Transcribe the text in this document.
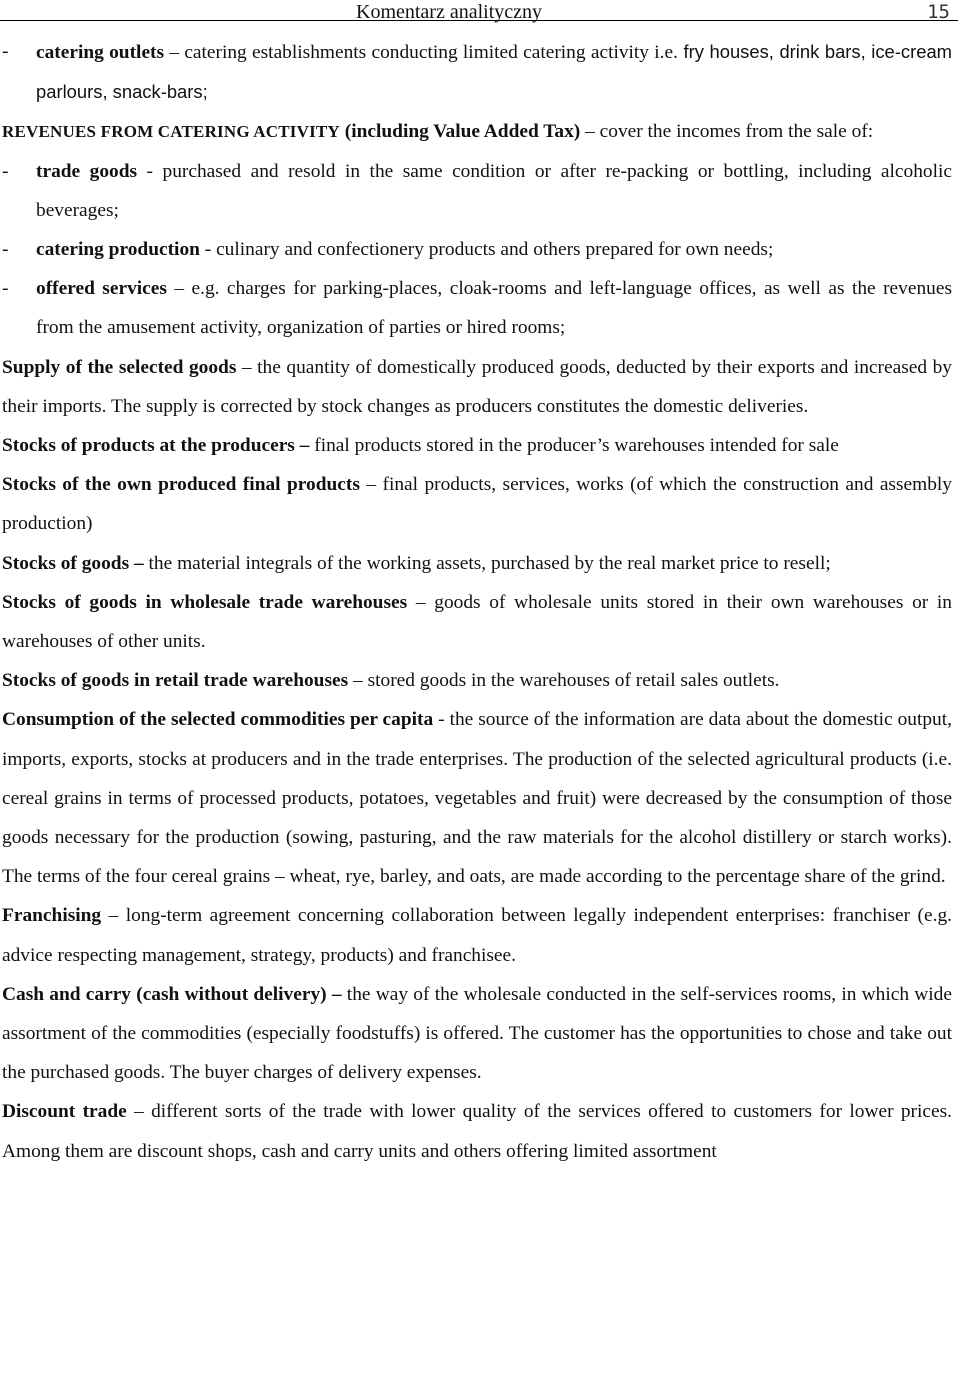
Komentarz analityczny	15

- catering outlets – catering establishments conducting limited catering activity i.e. fry houses, drink bars, ice-cream parlours, snack-bars;

REVENUES FROM CATERING ACTIVITY (including Value Added Tax) – cover the incomes from the sale of:

- trade goods - purchased and resold in the same condition or after re-packing or bottling, including alcoholic beverages;

- catering production - culinary and confectionery products and others prepared for own needs;

- offered services – e.g. charges for parking-places, cloak-rooms and left-language offices, as well as the revenues from the amusement activity, organization of parties or hired rooms;

Supply of the selected goods – the quantity of domestically produced goods, deducted by their exports and increased by their imports. The supply is corrected by stock changes as producers constitutes the domestic deliveries.

Stocks of products at the producers – final products stored in the producer’s warehouses intended for sale

Stocks of the own produced final products – final products, services, works (of which the construction and assembly production)

Stocks of goods – the material integrals of the working assets, purchased by the real market price to resell;

Stocks of goods in wholesale trade warehouses – goods of wholesale units stored in their own warehouses or in warehouses of other units.

Stocks of goods in retail trade warehouses – stored goods in the warehouses of retail sales outlets.

Consumption of the selected commodities per capita - the source of the information are data about the domestic output, imports, exports, stocks at producers and in the trade enterprises. The production of the selected agricultural products (i.e. cereal grains in terms of processed products, potatoes, vegetables and fruit) were decreased by the consumption of those goods necessary for the production (sowing, pasturing, and the raw materials for the alcohol distillery or starch works). The terms of the four cereal grains – wheat, rye, barley, and oats, are made according to the percentage share of the grind.

Franchising – long-term agreement concerning collaboration between legally independent enterprises: franchiser (e.g. advice respecting management, strategy, products) and franchisee.

Cash and carry (cash without delivery) – the way of the wholesale conducted in the self-services rooms, in which wide assortment of the commodities (especially foodstuffs) is offered. The customer has the opportunities to chose and take out the purchased goods. The buyer charges of delivery expenses.

Discount trade – different sorts of the trade with lower quality of the services offered to customers for lower prices. Among them are discount shops, cash and carry units and others offering limited assortment
